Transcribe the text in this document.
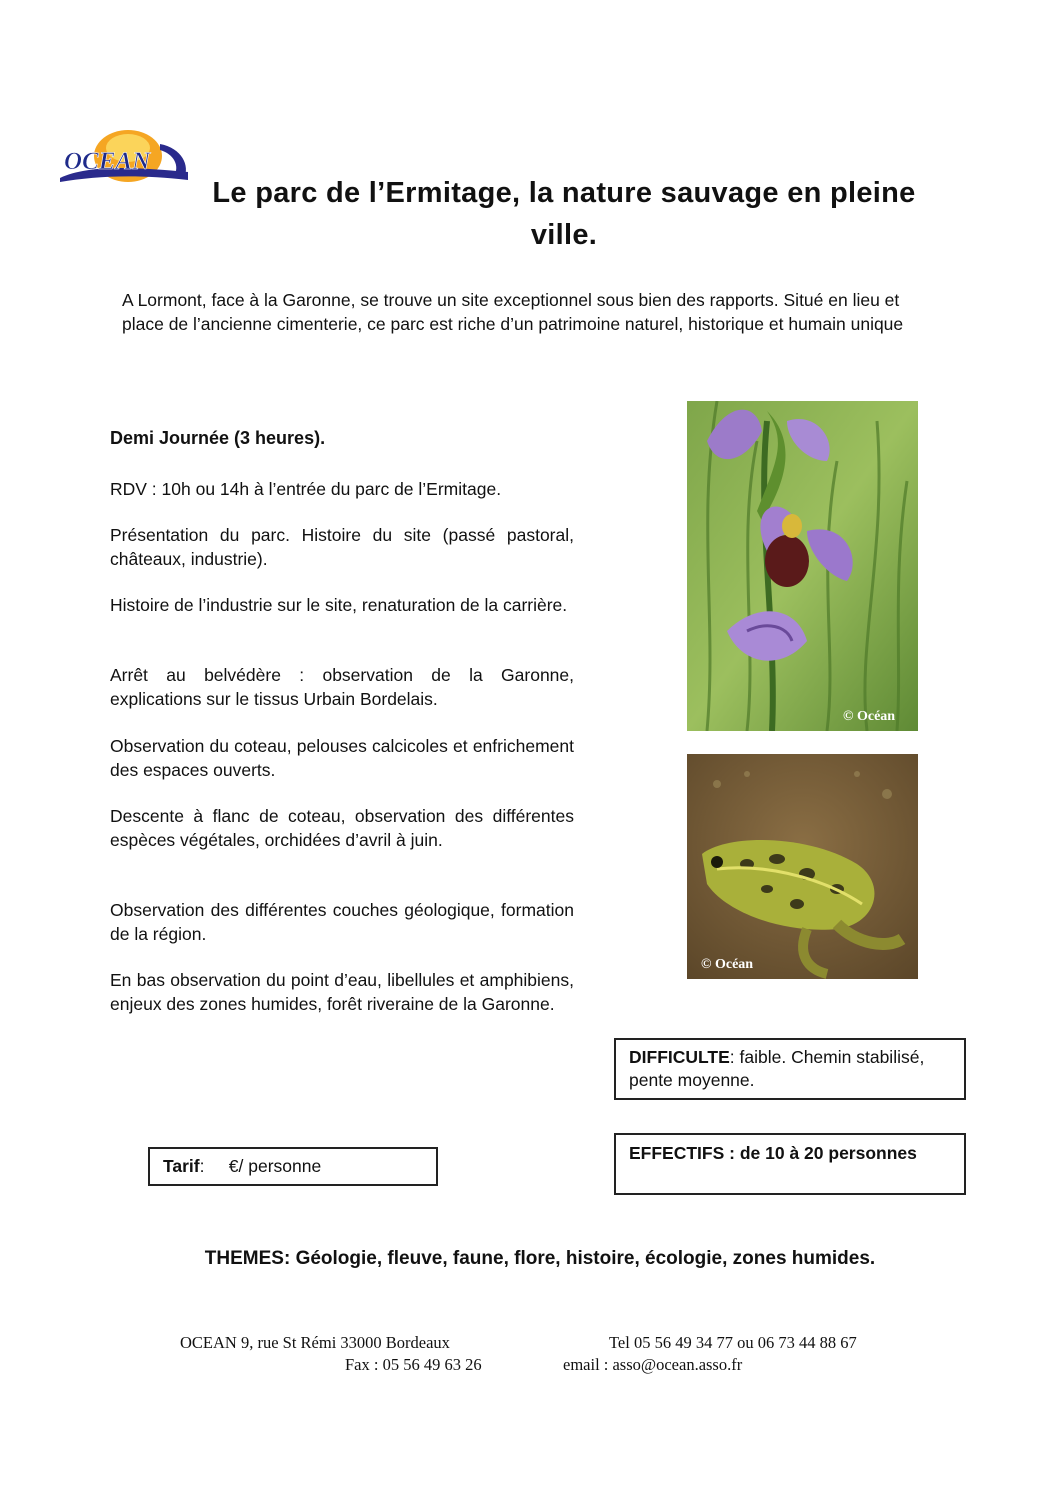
OCEAN
Le parc de l’Ermitage, la nature sauvage en pleine ville.
A Lormont, face à la Garonne, se trouve un site exceptionnel sous bien des rapports. Situé en lieu et place de l’ancienne cimenterie, ce parc est riche d’un patrimoine naturel, historique et humain unique
Demi Journée (3 heures).
RDV : 10h ou 14h à l’entrée du parc de l’Ermitage.
Présentation du parc. Histoire du site (passé pastoral, châteaux, industrie).
Histoire de l’industrie sur le site, renaturation de la carrière.
Arrêt au belvédère : observation de la Garonne, explications sur le tissus Urbain Bordelais.
Observation du coteau, pelouses calcicoles et enfrichement des espaces ouverts.
Descente à flanc de coteau, observation des différentes espèces végétales, orchidées d’avril à juin.
Observation des différentes couches géologique, formation de la région.
En bas observation du point d’eau, libellules et amphibiens, enjeux des zones humides, forêt riveraine de la Garonne.
© Océan
© Océan
DIFFICULTE: faible. Chemin stabilisé, pente moyenne.
Tarif:     €/ personne
EFFECTIFS : de 10 à 20 personnes
THEMES: Géologie, fleuve, faune, flore, histoire, écologie, zones humides.
OCEAN 9, rue St Rémi 33000 Bordeaux	Tel 05 56 49 34 77 ou 06 73 44 88 67
Fax : 05 56 49 63 26	email : asso@ocean.asso.fr
